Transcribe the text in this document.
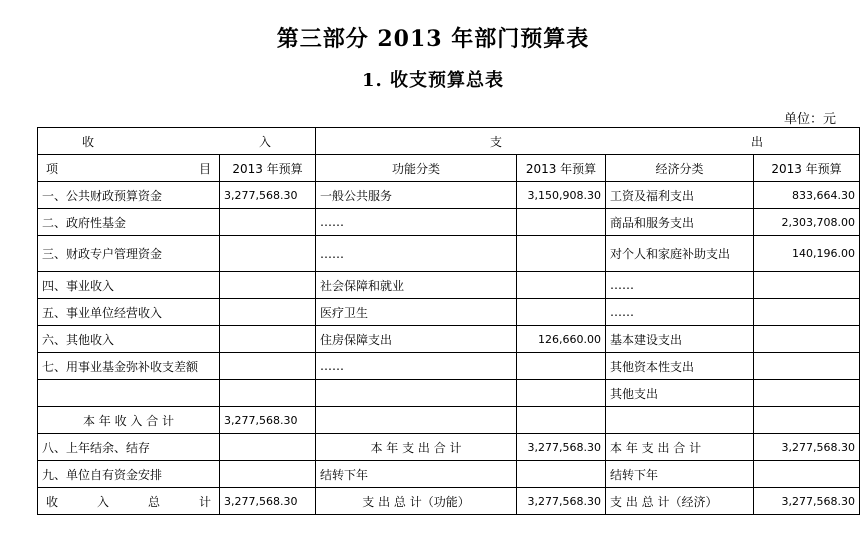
第三部分 2013 年部门预算表
1. 收支预算总表
单位：元
收 入		支 出			

项 目	2013 年预算	功能分类	2013 年预算	经济分类	2013 年预算
一、公共财政预算资金	3,277,568.30	一般公共服务	3,150,908.30	工资及福利支出	833,664.30
二、政府性基金		……		商品和服务支出	2,303,708.00
三、财政专户管理资金		……		对个人和家庭补助支出	140,196.00
四、事业收入		社会保障和就业		……	
五、事业单位经营收入		医疗卫生		……	
六、其他收入		住房保障支出	126,660.00	基本建设支出	
七、用事业基金弥补收支差额		……		其他资本性支出	
				其他支出	
本 年 收 入 合 计	3,277,568.30				
八、上年结余、结存		本 年 支 出 合 计	3,277,568.30	本 年 支 出 合 计	3,277,568.30
九、单位自有资金安排		结转下年		结转下年	

收 入 总 计	3,277,568.30	支 出 总 计（功能）	3,277,568.30	支 出 总 计（经济）	3,277,568.30
